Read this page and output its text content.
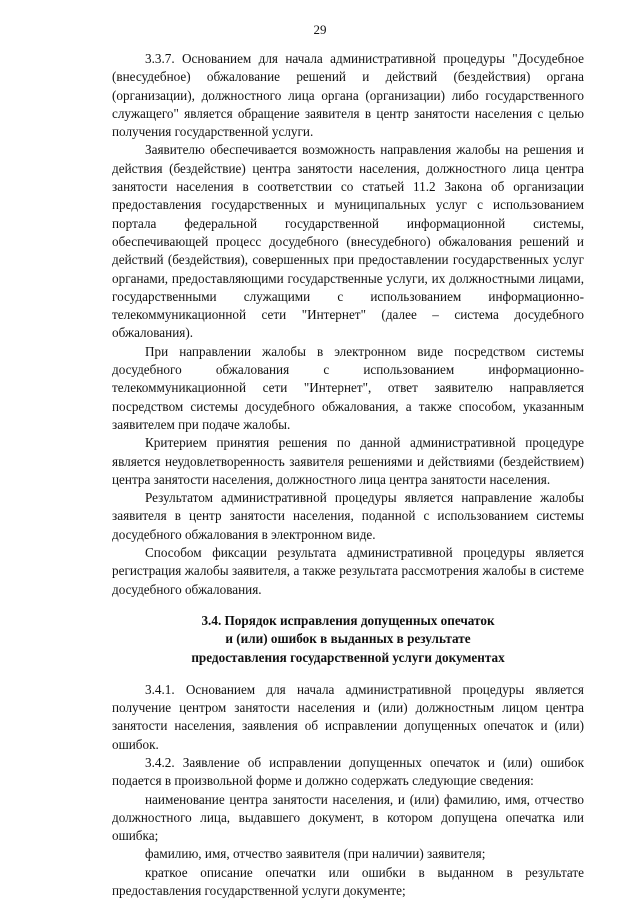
29

3.3.7. Основанием для начала административной процедуры "Досудебное (внесудебное) обжалование решений и действий (бездействия) органа (организации), должностного лица органа (организации) либо государственного служащего" является обращение заявителя в центр занятости населения с целью получения государственной услуги.

Заявителю обеспечивается возможность направления жалобы на решения и действия (бездействие) центра занятости населения, должностного лица центра занятости населения в соответствии со статьей 11.2 Закона об организации предоставления государственных и муниципальных услуг с использованием портала федеральной государственной информационной системы, обеспечивающей процесс досудебного (внесудебного) обжалования решений и действий (бездействия), совершенных при предоставлении государственных услуг органами, предоставляющими государственные услуги, их должностными лицами, государственными служащими с использованием информационно-телекоммуникационной сети "Интернет" (далее – система досудебного обжалования).

При направлении жалобы в электронном виде посредством системы досудебного обжалования с использованием информационно-телекоммуникационной сети "Интернет", ответ заявителю направляется посредством системы досудебного обжалования, а также способом, указанным заявителем при подаче жалобы.

Критерием принятия решения по данной административной процедуре является неудовлетворенность заявителя решениями и действиями (бездействием) центра занятости населения, должностного лица центра занятости населения.

Результатом административной процедуры является направление жалобы заявителя в центр занятости населения, поданной с использованием системы досудебного обжалования в электронном виде.

Способом фиксации результата административной процедуры является регистрация жалобы заявителя, а также результата рассмотрения жалобы в системе досудебного обжалования.

3.4. Порядок исправления допущенных опечаток
и (или) ошибок в выданных в результате
предоставления государственной услуги документах

3.4.1. Основанием для начала административной процедуры является получение центром занятости населения и (или) должностным лицом центра занятости населения, заявления об исправлении допущенных опечаток и (или) ошибок.

3.4.2. Заявление об исправлении допущенных опечаток и (или) ошибок подается в произвольной форме и должно содержать следующие сведения:

наименование центра занятости населения, и (или) фамилию, имя, отчество должностного лица, выдавшего документ, в котором допущена опечатка или ошибка;

фамилию, имя, отчество заявителя (при наличии) заявителя;

краткое описание опечатки или ошибки в выданном в результате предоставления государственной услуги документе;
